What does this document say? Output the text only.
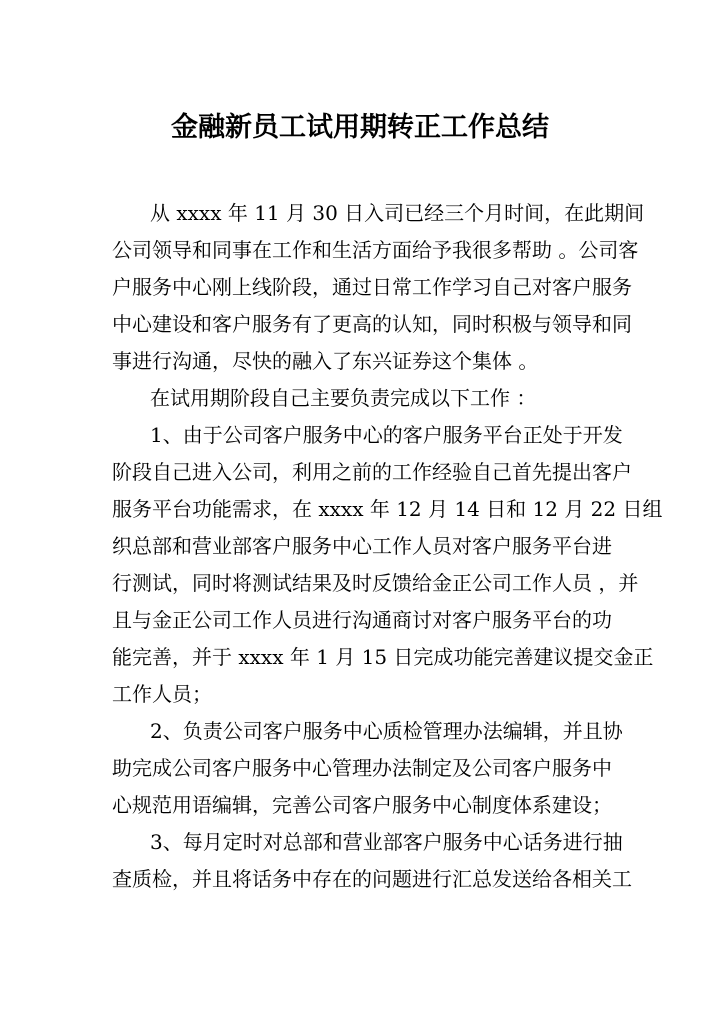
金融新员工试用期转正工作总结
从 xxxx 年 11 月 30 日入司已经三个月时间，在此期间
公司领导和同事在工作和生活方面给予我很多帮助 。公司客
户服务中心刚上线阶段，通过日常工作学习自己对客户服务
中心建设和客户服务有了更高的认知，同时积极与领导和同
事进行沟通，尽快的融入了东兴证券这个集体 。
在试用期阶段自己主要负责完成以下工作 ：
1、由于公司客户服务中心的客户服务平台正处于开发
阶段自己进入公司，利用之前的工作经验自己首先提出客户
服务平台功能需求，在 xxxx 年 12 月 14 日和 12 月 22 日组
织总部和营业部客户服务中心工作人员对客户服务平台进
行测试，同时将测试结果及时反馈给金正公司工作人员 ，并
且与金正公司工作人员进行沟通商讨对客户服务平台的功
能完善，并于 xxxx 年 1 月 15 日完成功能完善建议提交金正
工作人员；
2、负责公司客户服务中心质检管理办法编辑，并且协
助完成公司客户服务中心管理办法制定及公司客户服务中
心规范用语编辑，完善公司客户服务中心制度体系建设；
3、每月定时对总部和营业部客户服务中心话务进行抽
查质检，并且将话务中存在的问题进行汇总发送给各相关工
